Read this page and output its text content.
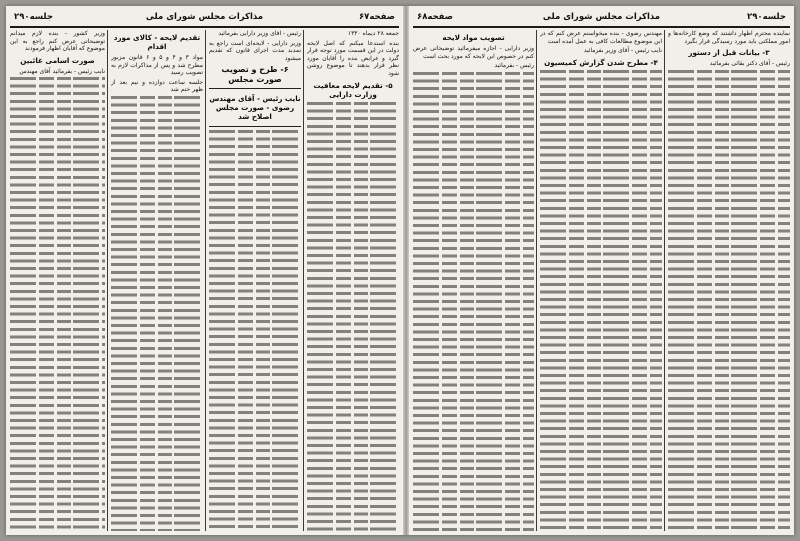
صفحه۶۷
مذاکرات مجلس شورای ملی
جلسه۲۹۰

جمعه ۲۸ دیماه ۱۳۳۰

بنده استدعا میکنم که اصل لایحه دولت در این قسمت مورد توجه قرار گیرد و عرایض بنده را آقایان مورد نظر قرار بدهند تا موضوع روشن شود

۵- تقدیم لایحه معافیت وزارت دارایی

رئیس - آقای وزیر دارایی بفرمائید

وزیر دارایی - لایحه‌ای است راجع به تمدید مدت اجرای قانون که تقدیم میشود

۶- طرح و تصویب صورت مجلس
نایب رئیس - آقای مهندس رضوی - صورت مجلس اصلاح شد
تقدیم لایحه - کالای مورد اقدام

مواد ۳ و ۴ و ۵ و ۶ قانون مزبور مطرح شد و پس از مذاکرات لازم به تصویب رسید

جلسه ساعت دوازده و نیم بعد از ظهر ختم شد

وزیر کشور - بنده لازم میدانم توضیحاتی عرض کنم راجع به این موضوع که آقایان اظهار فرمودند

صورت اسامی غائبین

نایب رئیس - بفرمائید آقای مهندس

جلسه۲۹۰
مذاکرات مجلس شورای ملی
صفحه۶۸

نماینده محترم اظهار داشتند که وضع کارخانه‌ها و امور مملکتی باید مورد رسیدگی قرار بگیرد

۳- بیانات قبل از دستور

رئیس - آقای دکتر بقائی بفرمائید

مهندس رضوی - بنده میخواستم عرض کنم که در این موضوع مطالعات کافی به عمل آمده است

نایب رئیس - آقای وزیر بفرمائید

۴- مطرح شدن گزارش کمیسیون
تصویب مواد لایحه

وزیر دارایی - اجازه میفرمائید توضیحاتی عرض کنم در خصوص این لایحه که مورد بحث است

رئیس - بفرمائید
